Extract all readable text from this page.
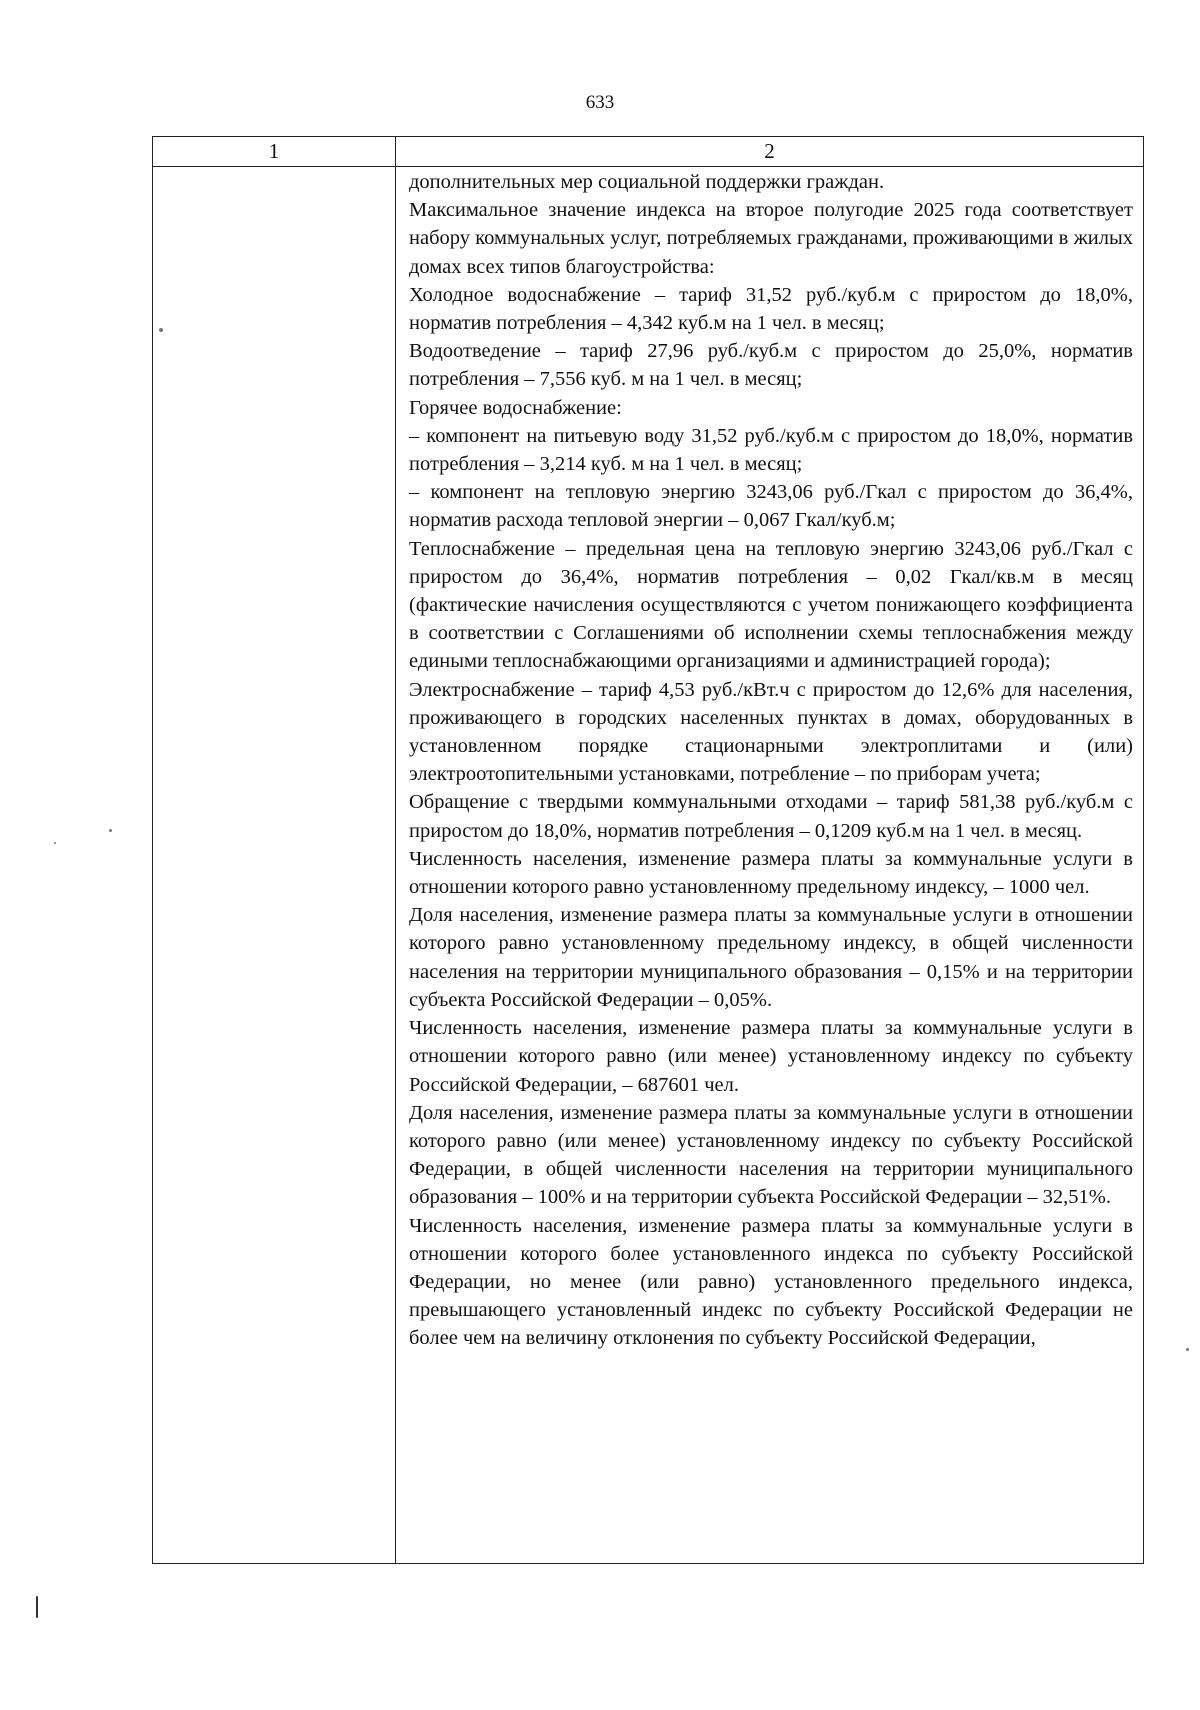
633
1	2

дополнительных мер социальной поддержки граждан.

Максимальное значение индекса на второе полугодие 2025 года соответствует набору коммунальных услуг, потребляемых гражданами, проживающими в жилых домах всех типов благоустройства:

Холодное водоснабжение – тариф 31,52 руб./куб.м с приростом до 18,0%, норматив потребления – 4,342 куб.м на 1 чел. в месяц;

Водоотведение – тариф 27,96 руб./куб.м с приростом до 25,0%, норматив потребления – 7,556 куб. м на 1 чел. в месяц;

Горячее водоснабжение:

– компонент на питьевую воду 31,52 руб./куб.м с приростом до 18,0%, норматив потребления – 3,214 куб. м на 1 чел. в месяц;

– компонент на тепловую энергию 3243,06 руб./Гкал с приростом до 36,4%, норматив расхода тепловой энергии – 0,067 Гкал/куб.м;

Теплоснабжение – предельная цена на тепловую энергию 3243,06 руб./Гкал с приростом до 36,4%, норматив потребления – 0,02 Гкал/кв.м в месяц (фактические начисления осуществляются с учетом понижающего коэффициента в соответствии с Соглашениями об исполнении схемы теплоснабжения между едиными теплоснабжающими организациями и администрацией города);

Электроснабжение – тариф 4,53 руб./кВт.ч с приростом до 12,6% для населения, проживающего в городских населенных пунктах в домах, оборудованных в установленном порядке стационарными электроплитами и (или) электроотопительными установками, потребление – по приборам учета;

Обращение с твердыми коммунальными отходами – тариф 581,38 руб./куб.м с приростом до 18,0%, норматив потребления – 0,1209 куб.м на 1 чел. в месяц.

Численность населения, изменение размера платы за коммунальные услуги в отношении которого равно установленному предельному индексу, – 1000 чел.

Доля населения, изменение размера платы за коммунальные услуги в отношении которого равно установленному предельному индексу, в общей численности населения на территории муниципального образования – 0,15% и на территории субъекта Российской Федерации – 0,05%.

Численность населения, изменение размера платы за коммунальные услуги в отношении которого равно (или менее) установленному индексу по субъекту Российской Федерации, – 687601 чел.

Доля населения, изменение размера платы за коммунальные услуги в отношении которого равно (или менее) установленному индексу по субъекту Российской Федерации, в общей численности населения на территории муниципального образования – 100% и на территории субъекта Российской Федерации – 32,51%.

Численность населения, изменение размера платы за коммунальные услуги в отношении которого более установленного индекса по субъекту Российской Федерации, но менее (или равно) установленного предельного индекса, превышающего установленный индекс по субъекту Российской Федерации не более чем на величину отклонения по субъекту Российской Федерации,
